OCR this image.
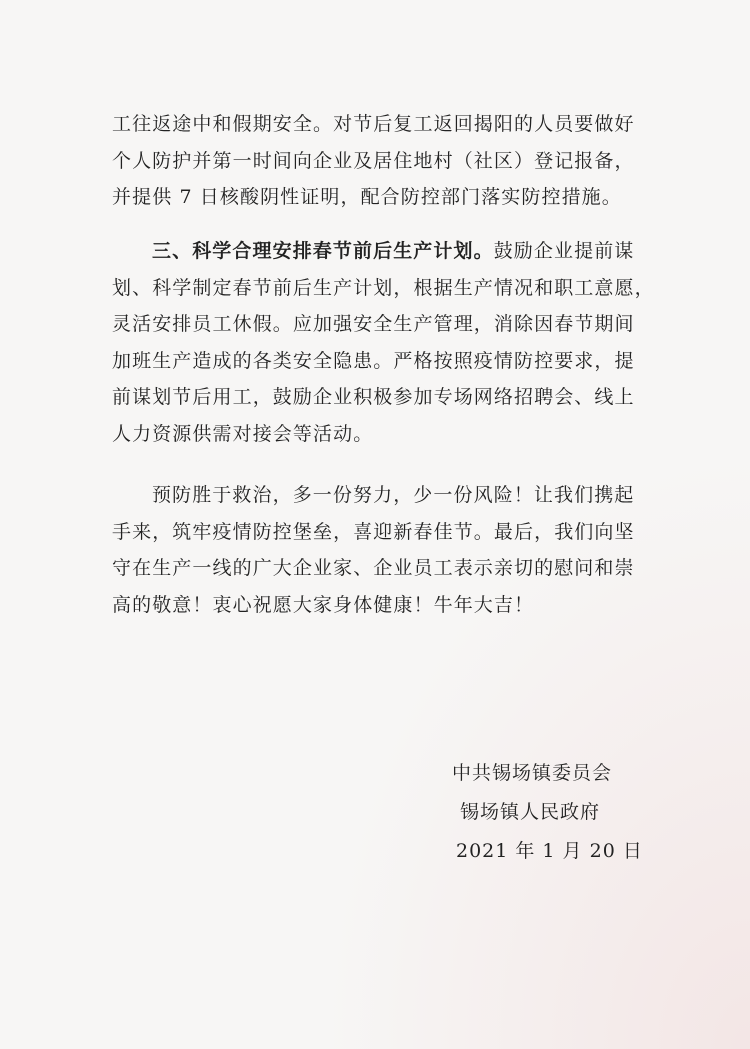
工往返途中和假期安全。对节后复工返回揭阳的人员要做好
个人防护并第一时间向企业及居住地村（社区）登记报备，
并提供 7 日核酸阴性证明，配合防控部门落实防控措施。
三、科学合理安排春节前后生产计划。鼓励企业提前谋
划、科学制定春节前后生产计划，根据生产情况和职工意愿，
灵活安排员工休假。应加强安全生产管理，消除因春节期间
加班生产造成的各类安全隐患。严格按照疫情防控要求，提
前谋划节后用工，鼓励企业积极参加专场网络招聘会、线上
人力资源供需对接会等活动。
预防胜于救治，多一份努力，少一份风险！让我们携起
手来，筑牢疫情防控堡垒，喜迎新春佳节。最后，我们向坚
守在生产一线的广大企业家、企业员工表示亲切的慰问和崇
高的敬意！衷心祝愿大家身体健康！牛年大吉！
中共锡场镇委员会
锡场镇人民政府
2021 年 1 月 20 日
